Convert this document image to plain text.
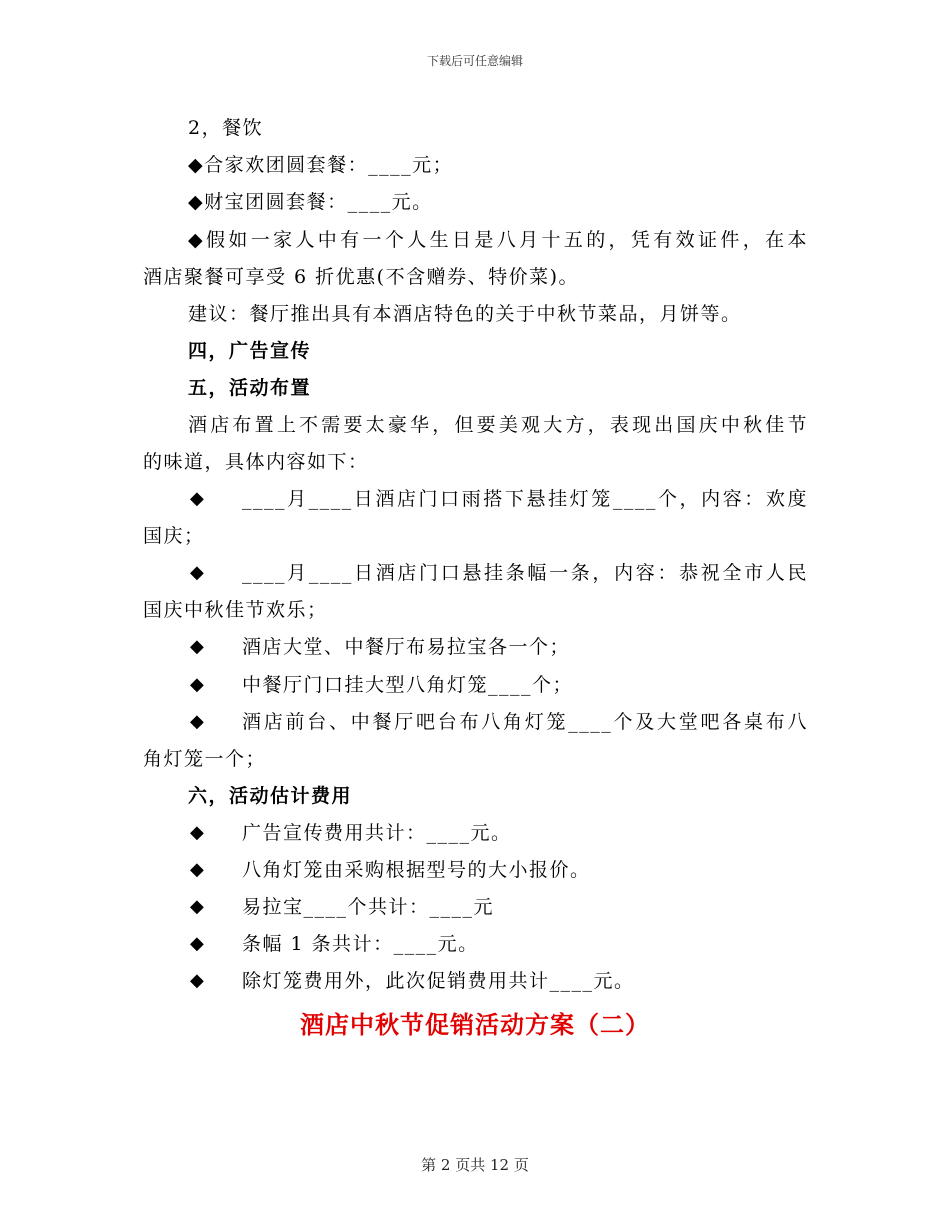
下载后可任意编辑
2，餐饮
◆合家欢团圆套餐：____元；
◆财宝团圆套餐：____元。
◆假如一家人中有一个人生日是八月十五的，凭有效证件，在本
酒店聚餐可享受 6 折优惠(不含赠券、特价菜)。
建议：餐厅推出具有本酒店特色的关于中秋节菜品，月饼等。
四，广告宣传
五，活动布置
酒店布置上不需要太豪华，但要美观大方，表现出国庆中秋佳节
的味道，具体内容如下：
◆ ____月____日酒店门口雨搭下悬挂灯笼____个，内容：欢度
国庆；
◆ ____月____日酒店门口悬挂条幅一条，内容：恭祝全市人民
国庆中秋佳节欢乐；
◆ 酒店大堂、中餐厅布易拉宝各一个；
◆ 中餐厅门口挂大型八角灯笼____个；
◆ 酒店前台、中餐厅吧台布八角灯笼____个及大堂吧各桌布八
角灯笼一个；
六，活动估计费用
◆ 广告宣传费用共计：____元。
◆ 八角灯笼由采购根据型号的大小报价。
◆ 易拉宝____个共计：____元
◆ 条幅 1 条共计：____元。
◆ 除灯笼费用外，此次促销费用共计____元。
酒店中秋节促销活动方案（二）
第 2 页共 12 页
